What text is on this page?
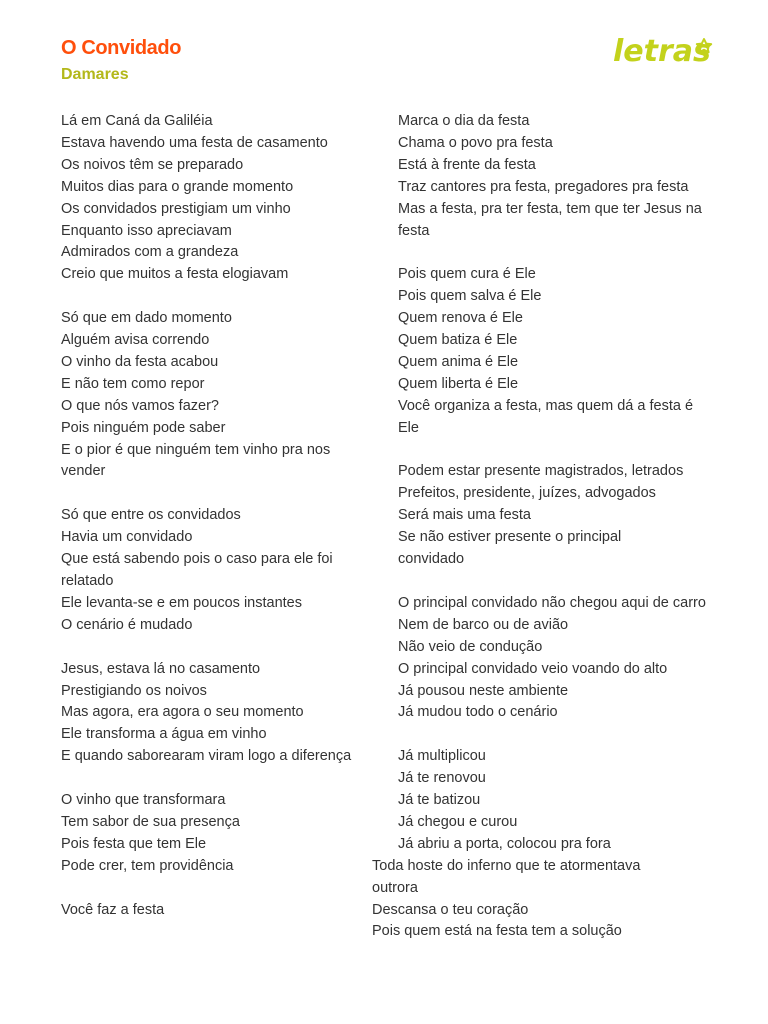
O Convidado
Damares
letras
Lá em Caná da Galiléia
Estava havendo uma festa de casamento
Os noivos têm se preparado
Muitos dias para o grande momento
Os convidados prestigiam um vinho
Enquanto isso apreciavam
Admirados com a grandeza
Creio que muitos a festa elogiavam
Só que em dado momento
Alguém avisa correndo
O vinho da festa acabou
E não tem como repor
O que nós vamos fazer?
Pois ninguém pode saber
E o pior é que ninguém tem vinho pra nos vender
Só que entre os convidados
Havia um convidado
Que está sabendo pois o caso para ele foi relatado
Ele levanta-se e em poucos instantes
O cenário é mudado
Jesus, estava lá no casamento
Prestigiando os noivos
Mas agora, era agora o seu momento
Ele transforma a água em vinho
E quando saborearam viram logo a diferença
O vinho que transformara
Tem sabor de sua presença
Pois festa que tem Ele
Pode crer, tem providência
Você faz a festa
Marca o dia da festa
Chama o povo pra festa
Está à frente da festa
Traz cantores pra festa, pregadores pra festa
Mas a festa, pra ter festa, tem que ter Jesus na festa
Pois quem cura é Ele
Pois quem salva é Ele
Quem renova é Ele
Quem batiza é Ele
Quem anima é Ele
Quem liberta é Ele
Você organiza a festa, mas quem dá a festa é Ele
Podem estar presente magistrados, letrados
Prefeitos, presidente, juízes, advogados
Será mais uma festa
Se não estiver presente o principal convidado
O principal convidado não chegou aqui de carro
Nem de barco ou de avião
Não veio de condução
O principal convidado veio voando do alto
Já pousou neste ambiente
Já mudou todo o cenário
Já multiplicou
Já te renovou
Já te batizou
Já chegou e curou
Já abriu a porta, colocou pra fora
Toda hoste do inferno que te atormentava outrora
Descansa o teu coração
Pois quem está na festa tem a solução
